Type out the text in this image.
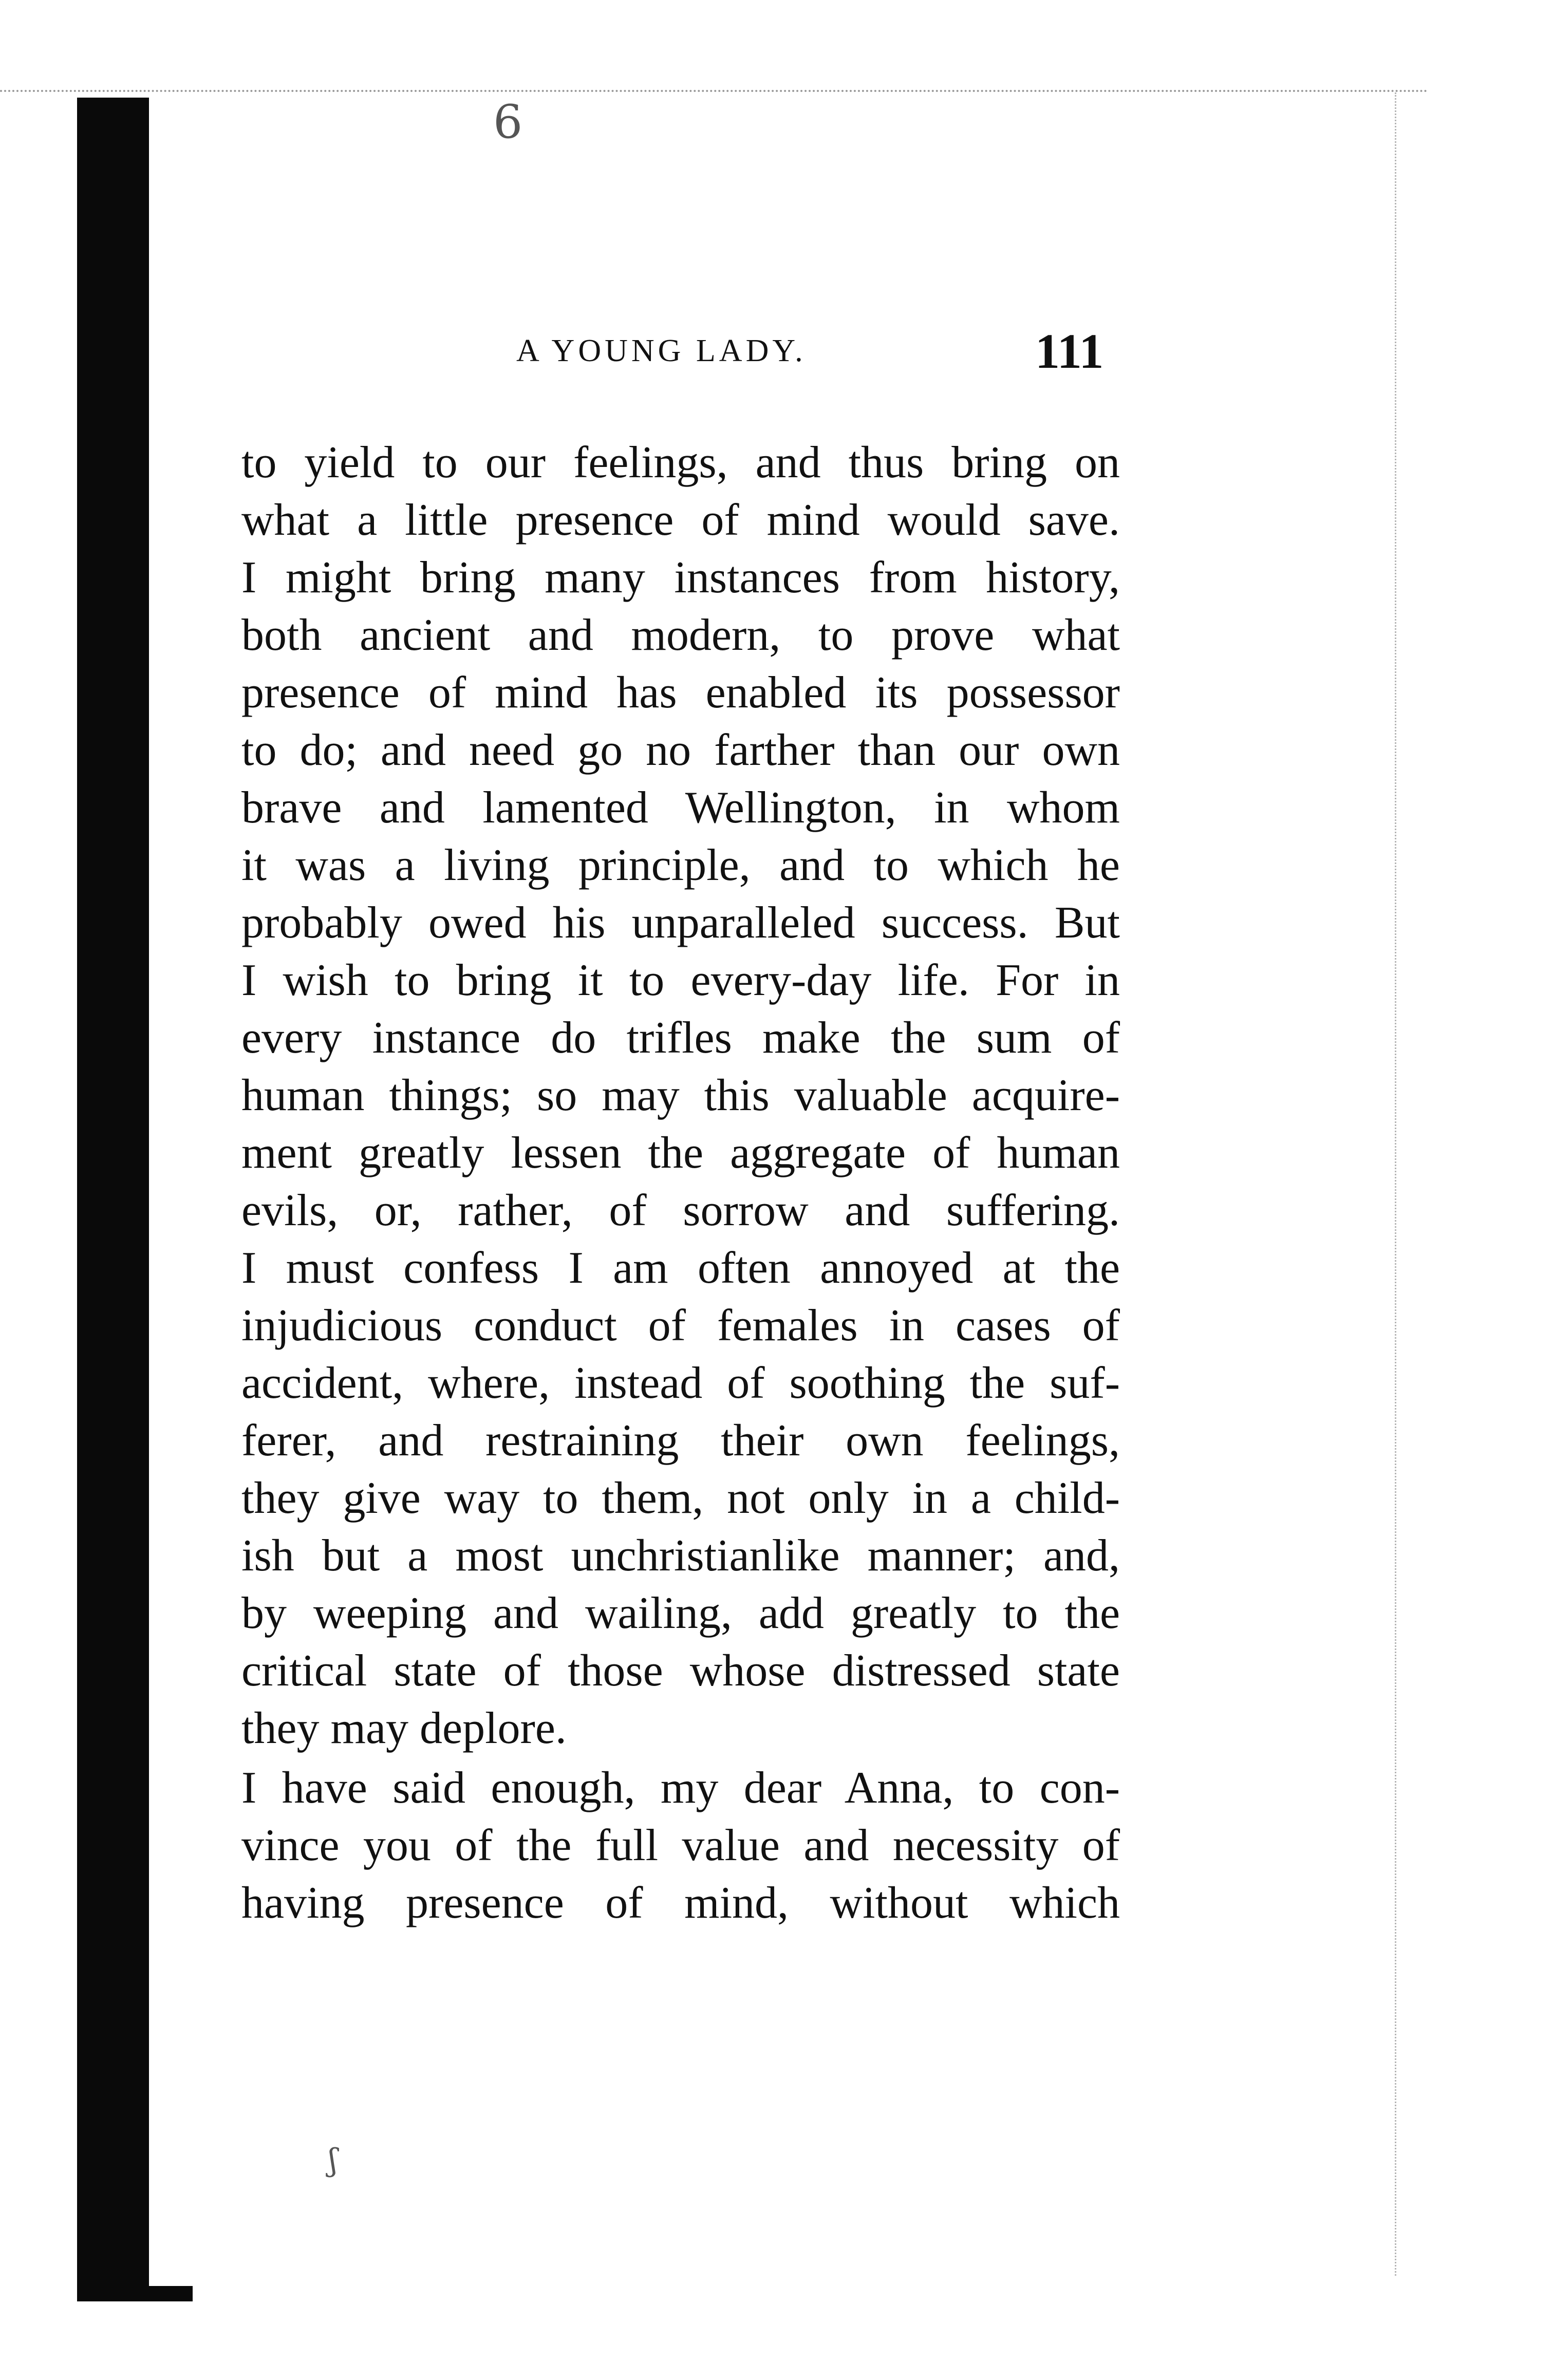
6
ʃ
A YOUNG LADY.	111
to yield to our feelings, and thus bring on
what a little presence of mind would save.
I might bring many instances from history,
both ancient and modern, to prove what
presence of mind has enabled its possessor
to do; and need go no farther than our own
brave and lamented Wellington, in whom
it was a living principle, and to which he
probably owed his unparalleled success. But
I wish to bring it to every-day life. For in
every instance do trifles make the sum of
human things; so may this valuable acquire-
ment greatly lessen the aggregate of human
evils, or, rather, of sorrow and suffering.
I must confess I am often annoyed at the
injudicious conduct of females in cases of
accident, where, instead of soothing the suf-
ferer, and restraining their own feelings,
they give way to them, not only in a child-
ish but a most unchristianlike manner; and,
by weeping and wailing, add greatly to the
critical state of those whose distressed state
they may deplore.
I have said enough, my dear Anna, to con-
vince you of the full value and necessity of
having presence of mind, without which
